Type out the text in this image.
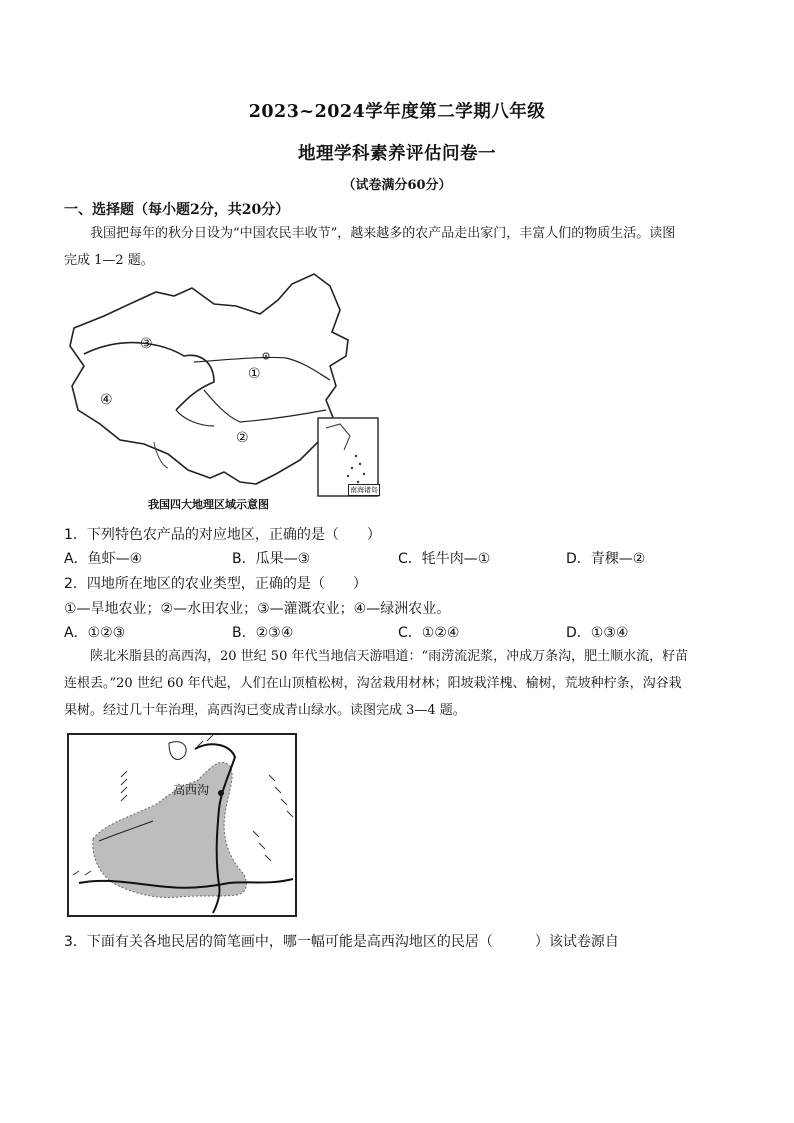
2023~2024学年度第二学期八年级
地理学科素养评估问卷一
（试卷满分60分）
一、选择题（每小题2分，共20分）
我国把每年的秋分日设为“中国农民丰收节”，越来越多的农产品走出家门，丰富人们的物质生活。读图
完成 1—2 题。
③
④
①
②
南海诸岛
我国四大地理区域示意图
1．下列特色农产品的对应地区，正确的是（　　）
A．鱼虾—④	B．瓜果—③	C．牦牛肉—①	D．青稞—②
2．四地所在地区的农业类型，正确的是（　　）
①—旱地农业；②—水田农业；③—灌溉农业；④—绿洲农业。
A．①②③	B．②③④	C．①②④	D．①③④
陕北米脂县的高西沟，20 世纪 50 年代当地信天游唱道：“雨涝流泥浆，冲成万条沟，肥土顺水流，籽苗
连根丢。”20 世纪 60 年代起，人们在山顶植松树，沟岔栽用材林；阳坡栽洋槐、榆树，荒坡种柠条，沟谷栽
果树。经过几十年治理，高西沟已变成青山绿水。读图完成 3—4 题。
高西沟
3．下面有关各地民居的简笔画中，哪一幅可能是高西沟地区的民居（　　　）该试卷源自
